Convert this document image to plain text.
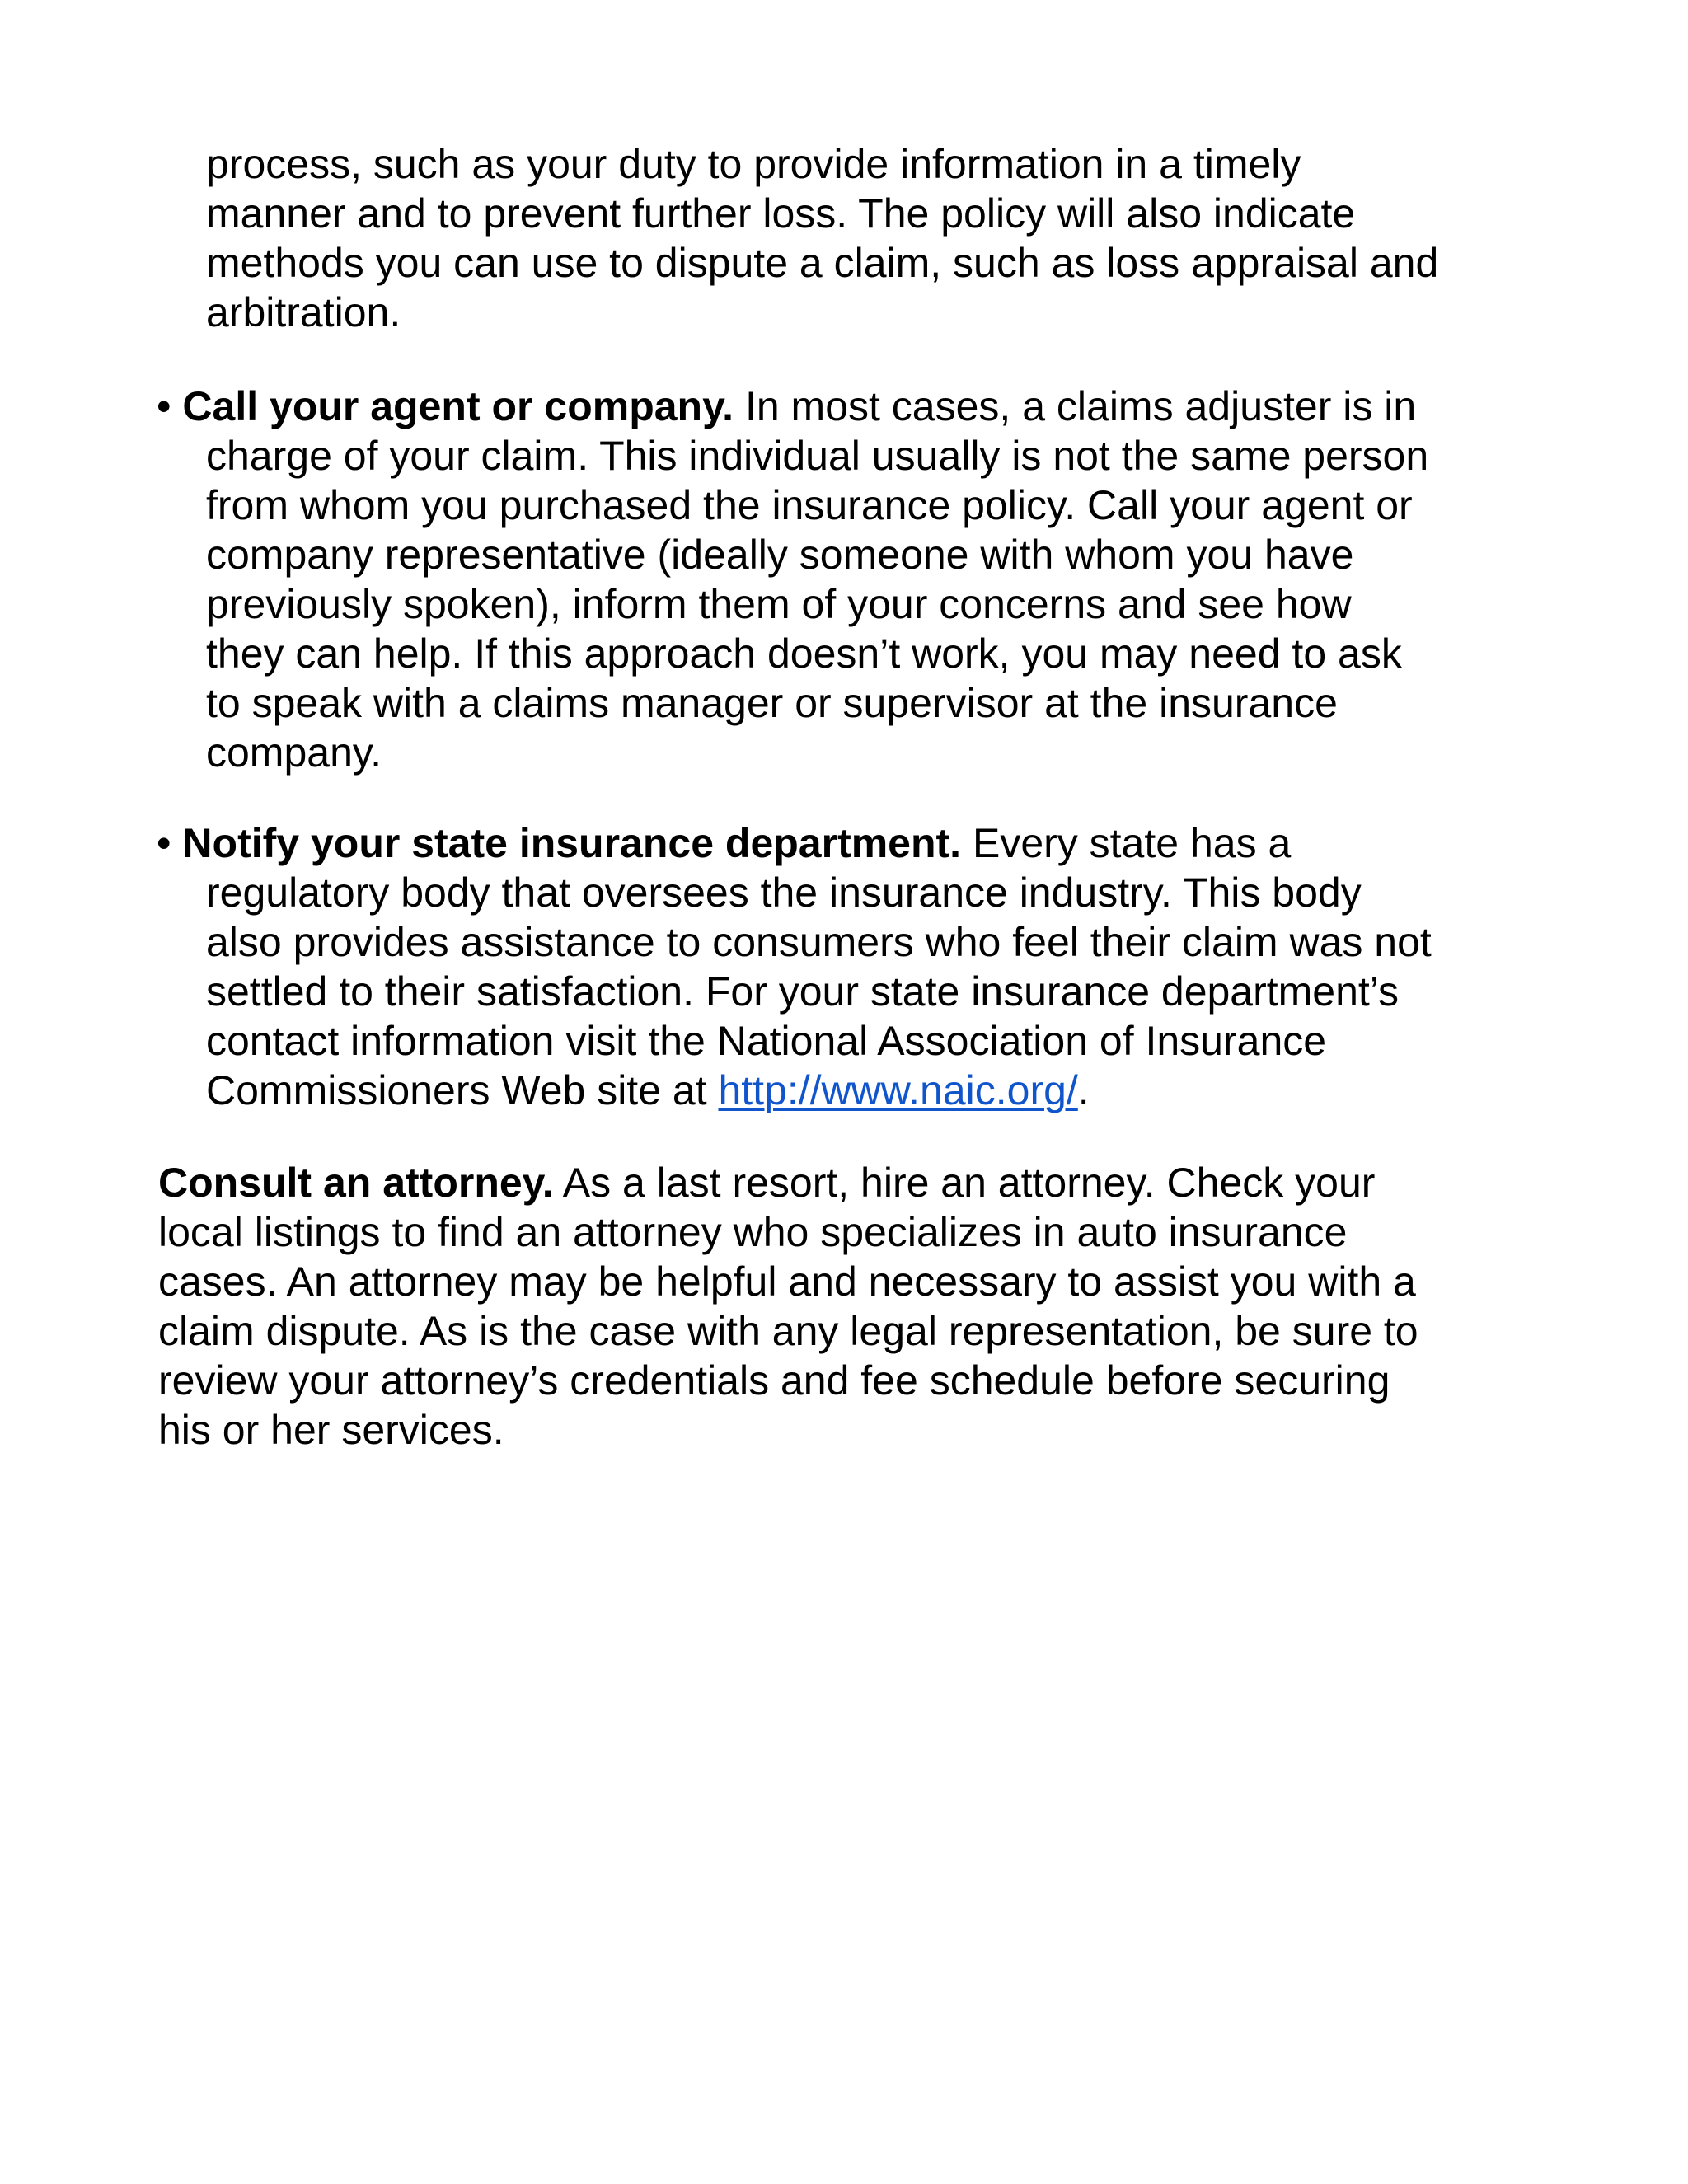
process, such as your duty to provide information in a timely
manner and to prevent further loss. The policy will also indicate
methods you can use to dispute a claim, such as loss appraisal and
arbitration.
• Call your agent or company. In most cases, a claims adjuster is in
charge of your claim. This individual usually is not the same person
from whom you purchased the insurance policy. Call your agent or
company representative (ideally someone with whom you have
previously spoken), inform them of your concerns and see how
they can help. If this approach doesn’t work, you may need to ask
to speak with a claims manager or supervisor at the insurance
company.
• Notify your state insurance department. Every state has a
regulatory body that oversees the insurance industry. This body
also provides assistance to consumers who feel their claim was not
settled to their satisfaction. For your state insurance department’s
contact information visit the National Association of Insurance
Commissioners Web site at http://www.naic.org/.
Consult an attorney. As a last resort, hire an attorney. Check your
local listings to find an attorney who specializes in auto insurance
cases. An attorney may be helpful and necessary to assist you with a
claim dispute. As is the case with any legal representation, be sure to
review your attorney’s credentials and fee schedule before securing
his or her services.
